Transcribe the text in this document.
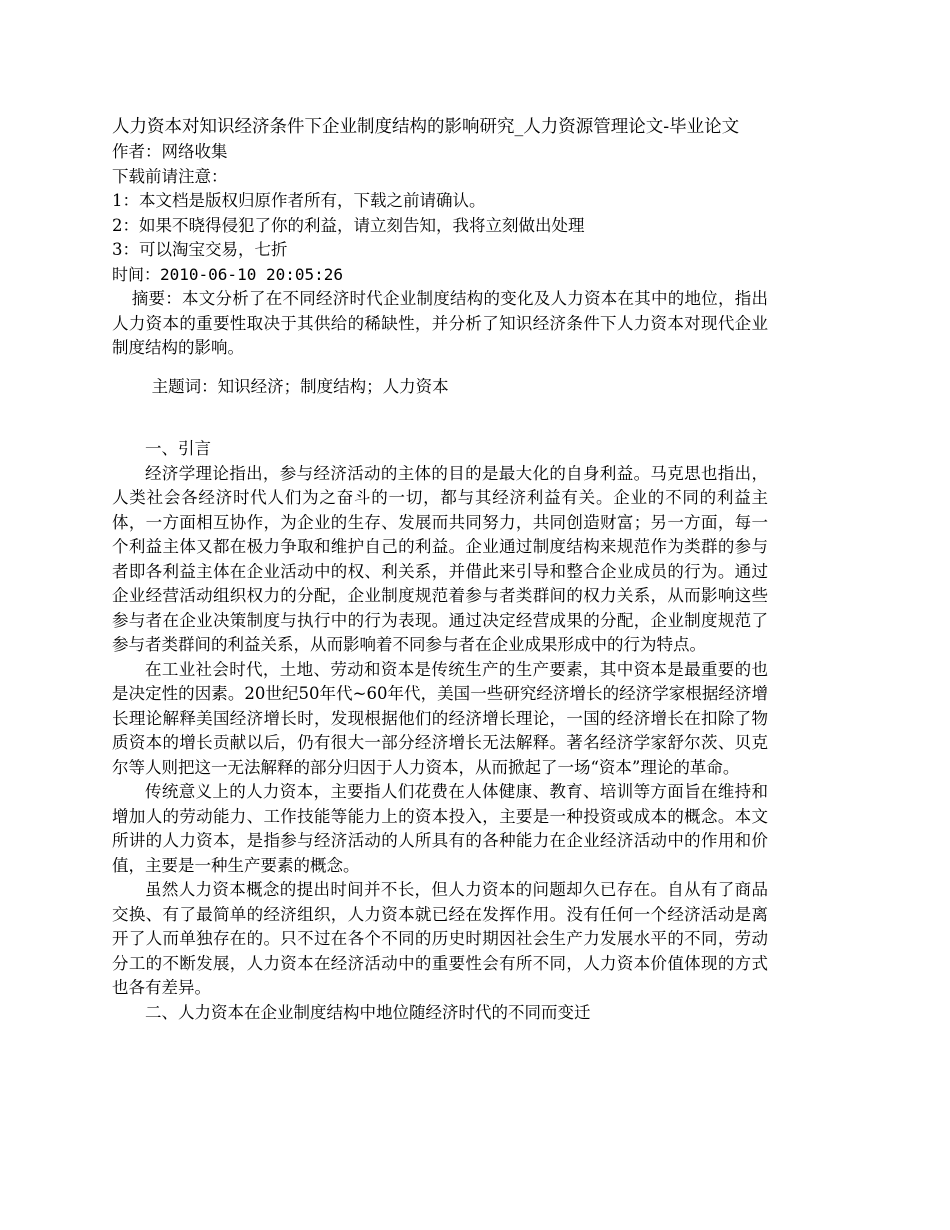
人力资本对知识经济条件下企业制度结构的影响研究_人力资源管理论文-毕业论文

作者：网络收集

下载前请注意：

1：本文档是版权归原作者所有，下载之前请确认。

2：如果不晓得侵犯了你的利益，请立刻告知，我将立刻做出处理

3：可以淘宝交易，七折

时间：2010-06-10 20:05:26

摘要：本文分析了在不同经济时代企业制度结构的变化及人力资本在其中的地位，指出人力资本的重要性取决于其供给的稀缺性，并分析了知识经济条件下人力资本对现代企业制度结构的影响。

主题词：知识经济；制度结构；人力资本

一、引言

经济学理论指出，参与经济活动的主体的目的是最大化的自身利益。马克思也指出，人类社会各经济时代人们为之奋斗的一切，都与其经济利益有关。企业的不同的利益主体，一方面相互协作，为企业的生存、发展而共同努力，共同创造财富；另一方面，每一个利益主体又都在极力争取和维护自己的利益。企业通过制度结构来规范作为类群的参与者即各利益主体在企业活动中的权、利关系，并借此来引导和整合企业成员的行为。通过企业经营活动组织权力的分配，企业制度规范着参与者类群间的权力关系，从而影响这些参与者在企业决策制度与执行中的行为表现。通过决定经营成果的分配，企业制度规范了参与者类群间的利益关系，从而影响着不同参与者在企业成果形成中的行为特点。

在工业社会时代，土地、劳动和资本是传统生产的生产要素，其中资本是最重要的也是决定性的因素。20世纪50年代~60年代，美国一些研究经济增长的经济学家根据经济增长理论解释美国经济增长时，发现根据他们的经济增长理论，一国的经济增长在扣除了物质资本的增长贡献以后，仍有很大一部分经济增长无法解释。著名经济学家舒尔茨、贝克尔等人则把这一无法解释的部分归因于人力资本，从而掀起了一场“资本”理论的革命。

传统意义上的人力资本，主要指人们花费在人体健康、教育、培训等方面旨在维持和增加人的劳动能力、工作技能等能力上的资本投入，主要是一种投资或成本的概念。本文所讲的人力资本，是指参与经济活动的人所具有的各种能力在企业经济活动中的作用和价值，主要是一种生产要素的概念。

虽然人力资本概念的提出时间并不长，但人力资本的问题却久已存在。自从有了商品交换、有了最简单的经济组织，人力资本就已经在发挥作用。没有任何一个经济活动是离开了人而单独存在的。只不过在各个不同的历史时期因社会生产力发展水平的不同，劳动分工的不断发展，人力资本在经济活动中的重要性会有所不同，人力资本价值体现的方式也各有差异。

二、人力资本在企业制度结构中地位随经济时代的不同而变迁
